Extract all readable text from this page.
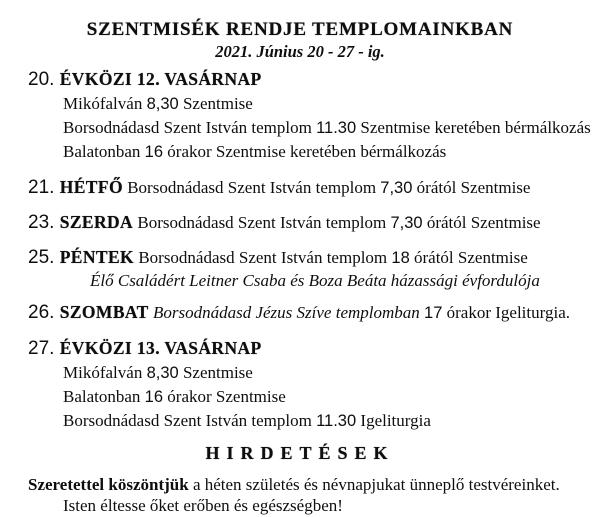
SZENTMISÉK RENDJE TEMPLOMAINKBAN
2021. Június 20 - 27 - ig.
20. ÉVKÖZI 12. VASÁRNAP
Mikófalván 8,30 Szentmise
Borsodnádasd Szent István templom 11.30 Szentmise keretében bérmálkozás
Balatonban 16 órakor Szentmise keretében bérmálkozás
21. HÉTFŐ Borsodnádasd Szent István templom 7,30 órától Szentmise
23. SZERDA Borsodnádasd Szent István templom 7,30 órától Szentmise
25. PÉNTEK Borsodnádasd Szent István templom 18 órától Szentmise
Élő Családért Leitner Csaba és Boza Beáta házassági évfordulója
26. SZOMBAT Borsodnádasd Jézus Szíve templomban 17 órakor Igeliturgia.
27. ÉVKÖZI 13. VASÁRNAP
Mikófalván 8,30 Szentmise
Balatonban 16 órakor Szentmise
Borsodnádasd Szent István templom 11.30 Igeliturgia
HIRDETÉSEK
Szeretettel köszöntjük a héten születés és névnapjukat ünneplő testvéreinket.
Isten éltesse őket erőben és egészségben!
